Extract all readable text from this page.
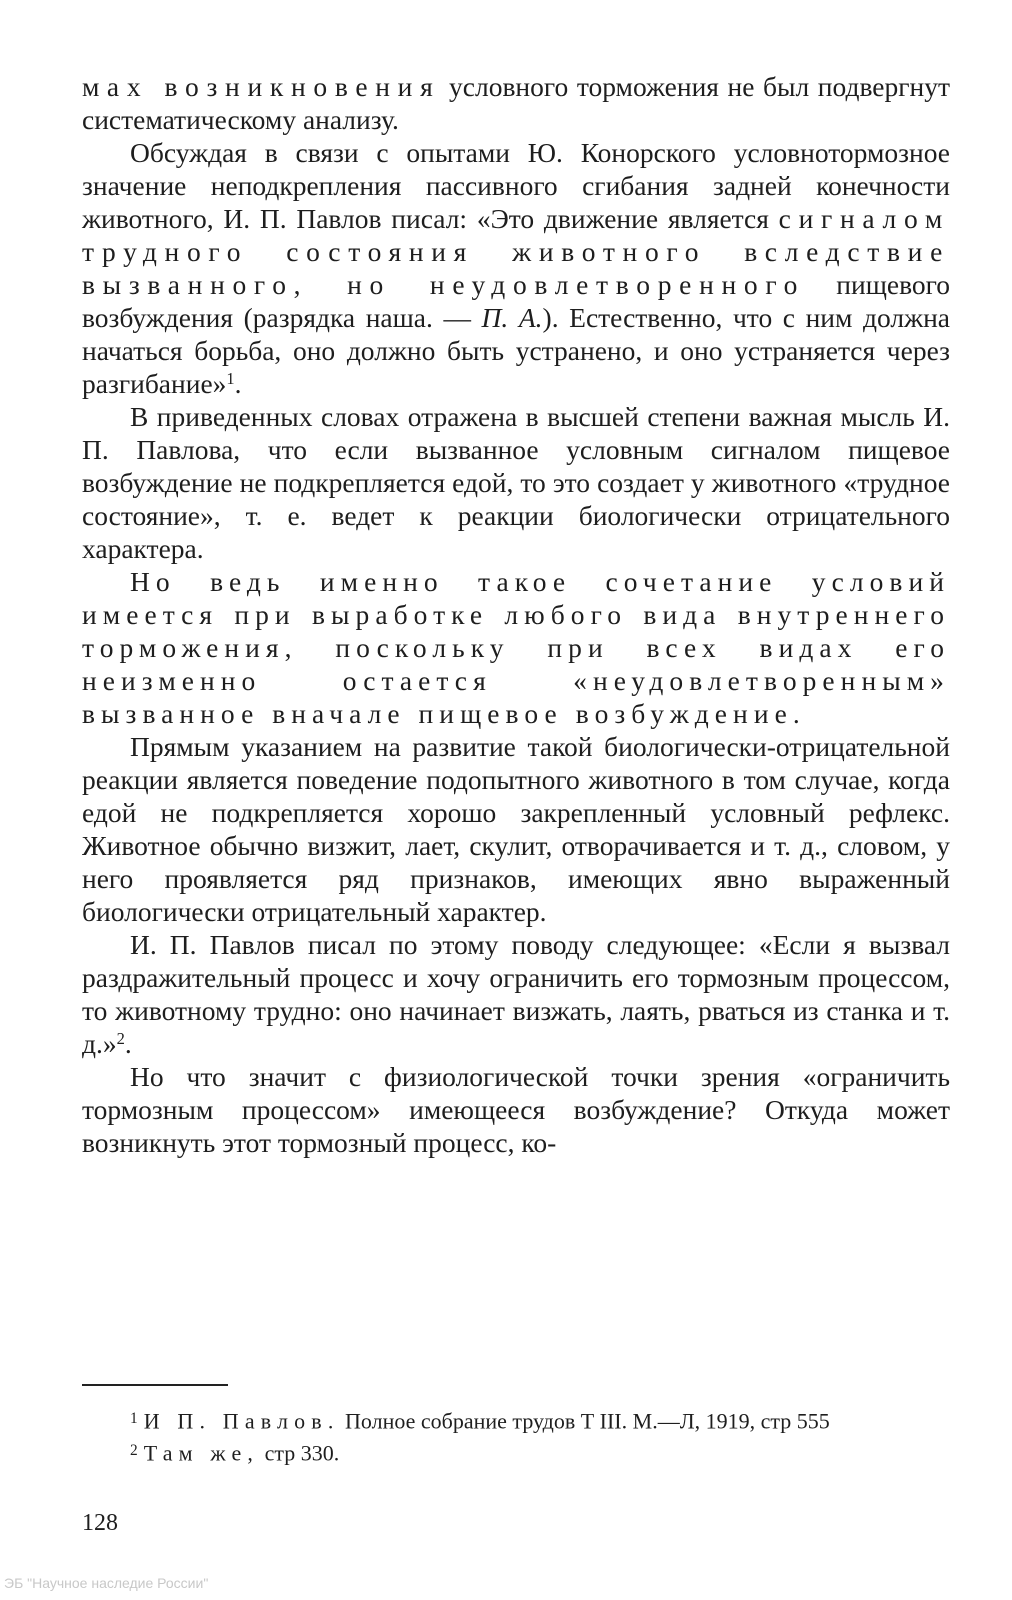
мах возникновения условного торможения не был подвергнут систематическому анализу.

Обсуждая в связи с опытами Ю. Конорского условнотормозное значение неподкрепления пассивного сгибания задней конечности животного, И. П. Павлов писал: «Это движение является сигналом трудного состояния животного вследствие вызванного, но неудовлетворенного пищевого возбуждения (разрядка наша. — П. А.). Естественно, что с ним должна начаться борьба, оно должно быть устранено, и оно устраняется через разгибание»$^1$.

В приведенных словах отражена в высшей степени важная мысль И. П. Павлова, что если вызванное условным сигналом пищевое возбуждение не подкрепляется едой, то это создает у животного «трудное состояние», т. е. ведет к реакции биологически отрицательного характера.

Но ведь именно такое сочетание условий имеется при выработке любого вида внутреннего торможения, поскольку при всех видах его неизменно остается «неудовлетворенным» вызванное вначале пищевое возбуждение.

Прямым указанием на развитие такой биологически-отрицательной реакции является поведение подопытного животного в том случае, когда едой не подкрепляется хорошо закрепленный условный рефлекс. Животное обычно визжит, лает, скулит, отворачивается и т. д., словом, у него проявляется ряд признаков, имеющих явно выраженный биологически отрицательный характер.

И. П. Павлов писал по этому поводу следующее: «Если я вызвал раздражительный процесс и хочу ограничить его тормозным процессом, то животному трудно: оно начинает визжать, лаять, рваться из станка и т. д.»$^2$.

Но что значит с физиологической точки зрения «ограничить тормозным процессом» имеющееся возбуждение? Откуда может возникнуть этот тормозный процесс, ко-

$^1$ И П. Павлов. Полное собрание трудов Т III. М.—Л, 1919, стр 555

$^2$ Там же, стр 330.

128
ЭБ "Научное наследие России"
